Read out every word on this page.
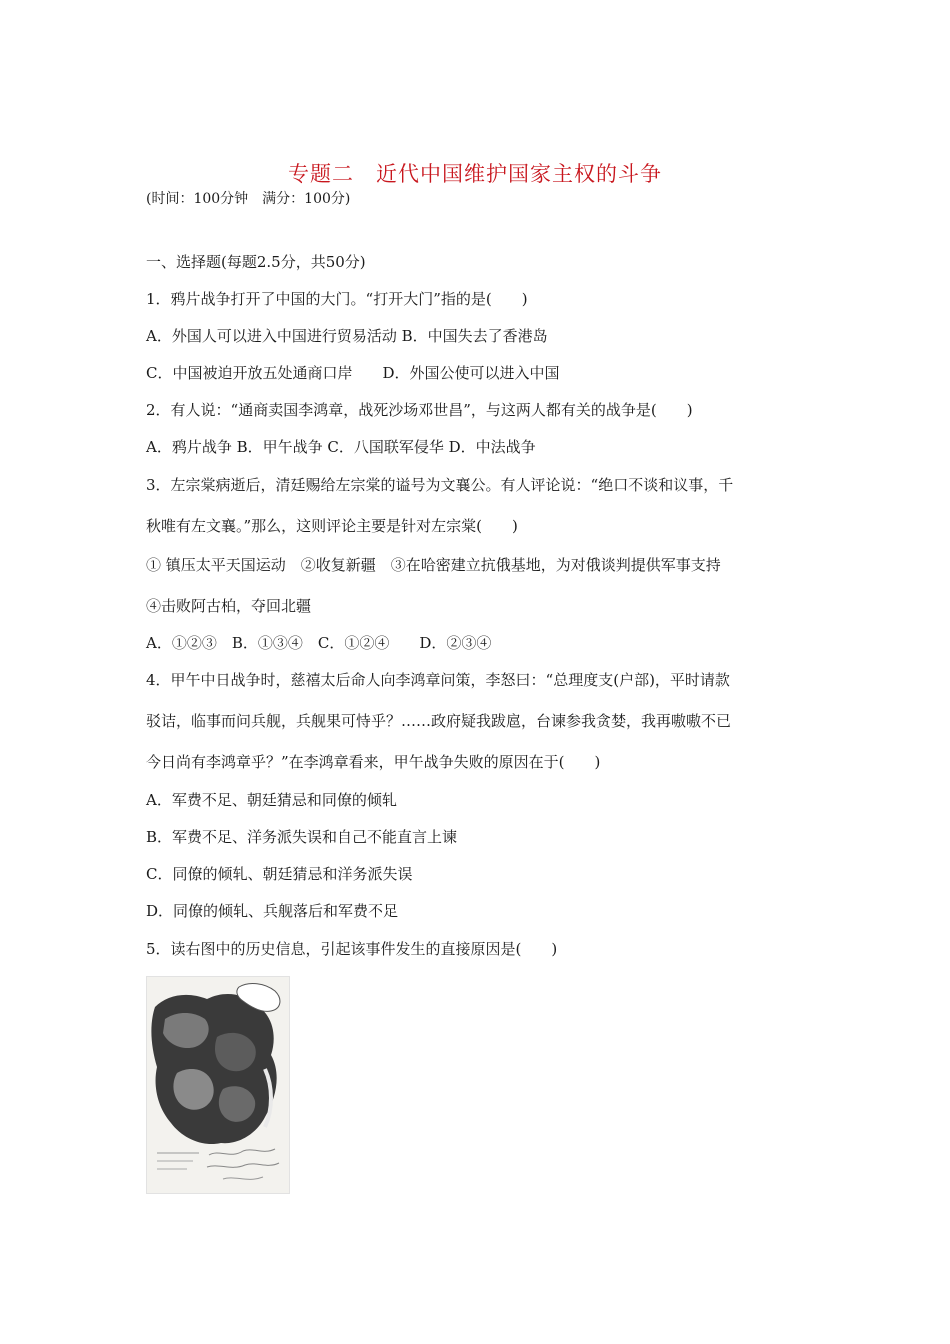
专题二　近代中国维护国家主权的斗争
(时间：100分钟　满分：100分)
一、选择题(每题2.5分，共50分)
1．鸦片战争打开了中国的大门。“打开大门”指的是(　　)
A．外国人可以进入中国进行贸易活动 B．中国失去了香港岛
C．中国被迫开放五处通商口岸　　D．外国公使可以进入中国
2．有人说：“通商卖国李鸿章，战死沙场邓世昌”，与这两人都有关的战争是(　　)
A．鸦片战争 B．甲午战争 C．八国联军侵华 D．中法战争
3．左宗棠病逝后，清廷赐给左宗棠的谥号为文襄公。有人评论说：“绝口不谈和议事，千
秋唯有左文襄。”那么，这则评论主要是针对左宗棠(　　)
① 镇压太平天国运动　②收复新疆　③在哈密建立抗俄基地，为对俄谈判提供军事支持
④击败阿古柏，夺回北疆
A．①②③　B．①③④　C．①②④　　D．②③④
4．甲午中日战争时，慈禧太后命人向李鸿章问策，李怒曰：“总理度支(户部)，平时请款
驳诘，临事而问兵舰，兵舰果可恃乎？……政府疑我跋扈，台谏参我贪婪，我再嗷嗷不已
今日尚有李鸿章乎？”在李鸿章看来，甲午战争失败的原因在于(　　)
A．军费不足、朝廷猜忌和同僚的倾轧
B．军费不足、洋务派失误和自己不能直言上谏
C．同僚的倾轧、朝廷猜忌和洋务派失误
D．同僚的倾轧、兵舰落后和军费不足
5．读右图中的历史信息，引起该事件发生的直接原因是(　　)
